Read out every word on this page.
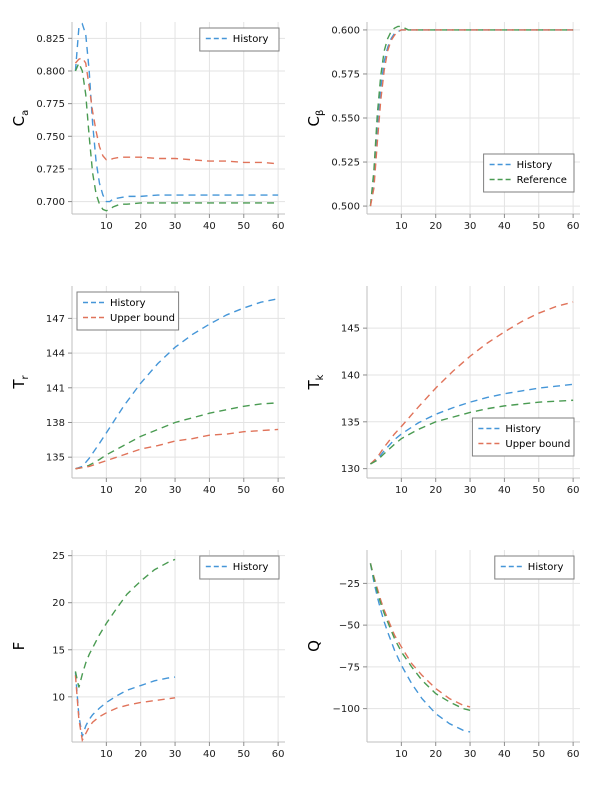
10 20 30 40 50 60
0.700
0.725
0.750
0.775
0.800
0.825
$C_a$
History
10 20 30 40 50 60
0.500
0.525
0.550
0.575
0.600
$C_\beta$
History
Reference
10 20 30 40 50 60
135
138
141
144
147
$T_r$
History
Upper bound
10 20 30 40 50 60
130
135
140
145
$T_k$
History
Upper bound
10 20 30 40 50 60
10
15
20
25
F
History
10 20 30 40 50 60
−100
−75
−50
−25
Q
History
